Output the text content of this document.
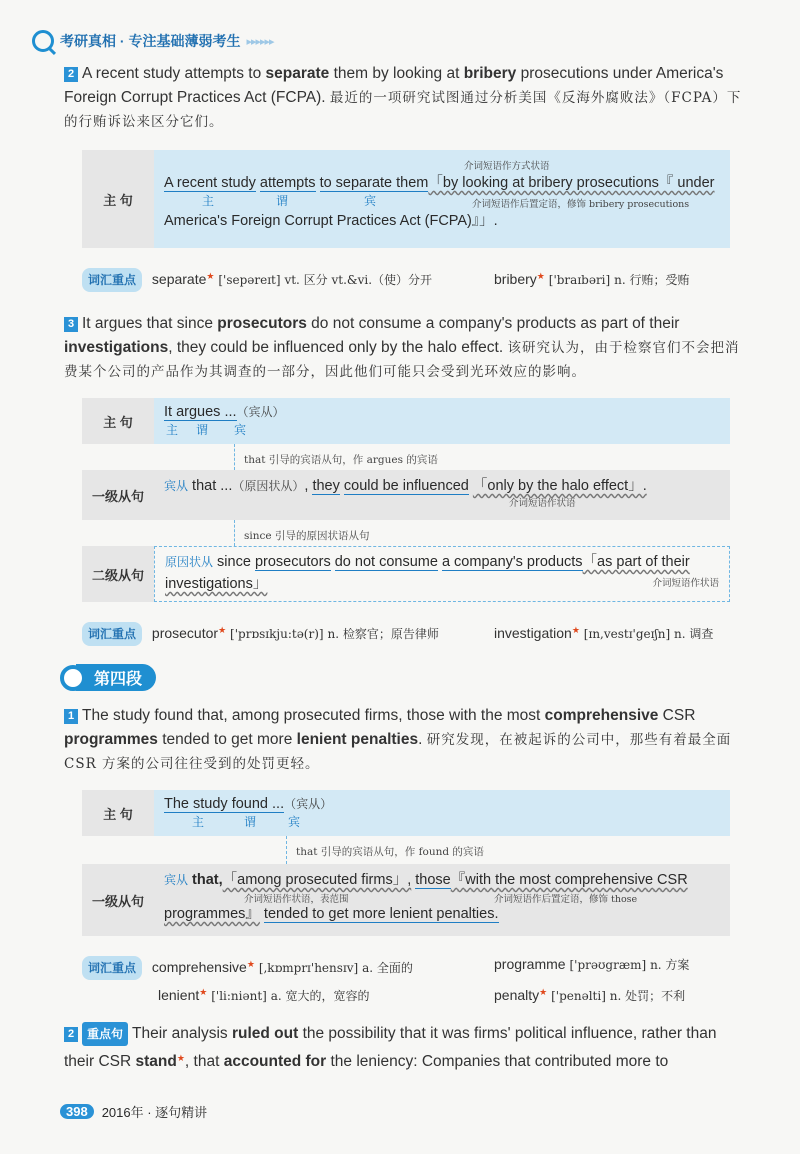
考研真相 · 专注基础薄弱考生 ▸▸▸▸▸▸
2 A recent study attempts to separate them by looking at bribery prosecutions under America's Foreign Corrupt Practices Act (FCPA). 最近的一项研究试图通过分析美国《反海外腐败法》（FCPA）下的行贿诉讼来区分它们。
主 句
介词短语作方式状语
A recent study attempts to separate them「by looking at bribery prosecutions『 under
主	谓	宾	介词短语作后置定语，修饰 bribery prosecutions
America's Foreign Corrupt Practices Act (FCPA)』」.
词汇重点 separate★ ['sepəreɪt] vt. 区分 vt.&vi.（使）分开	bribery★ ['braɪbəri] n. 行贿；受贿
3 It argues that since prosecutors do not consume a company's products as part of their investigations, they could be influenced only by the halo effect. 该研究认为，由于检察官们不会把消费某个公司的产品作为其调查的一部分，因此他们可能只会受到光环效应的影响。
主 句
It argues ...（宾从）
主 谓 宾
that 引导的宾语从句，作 argues 的宾语
一级从句
宾从 that ...（原因状从）, they could be influenced 「only by the halo effect」.
介词短语作状语
since 引导的原因状语从句
二级从句
原因状从 since prosecutors do not consume a company's products「as part of their
investigations」	介词短语作状语
词汇重点 prosecutor★ ['prɒsɪkju:tə(r)] n. 检察官；原告律师	investigation★ [ɪn,vestɪ'geɪʃn] n. 调查
第四段
1 The study found that, among prosecuted firms, those with the most comprehensive CSR programmes tended to get more lenient penalties. 研究发现，在被起诉的公司中，那些有着最全面 CSR 方案的公司往往受到的处罚更轻。
主 句
The study found ...（宾从）
主	谓	宾
that 引导的宾语从句，作 found 的宾语
一级从句
宾从 that,「among prosecuted firms」, those『with the most comprehensive CSR
介词短语作状语，表范围	介词短语作后置定语，修饰 those
programmes』 tended to get more lenient penalties.
词汇重点 comprehensive★ [,kɒmprɪ'hensɪv] a. 全面的	programme ['prəʊgræm] n. 方案
lenient★ ['li:niənt] a. 宽大的，宽容的	penalty★ ['penəlti] n. 处罚；不利
2 重点句 Their analysis ruled out the possibility that it was firms' political influence, rather than their CSR stand★, that accounted for the leniency: Companies that contributed more to
398	2016年 · 逐句精讲
